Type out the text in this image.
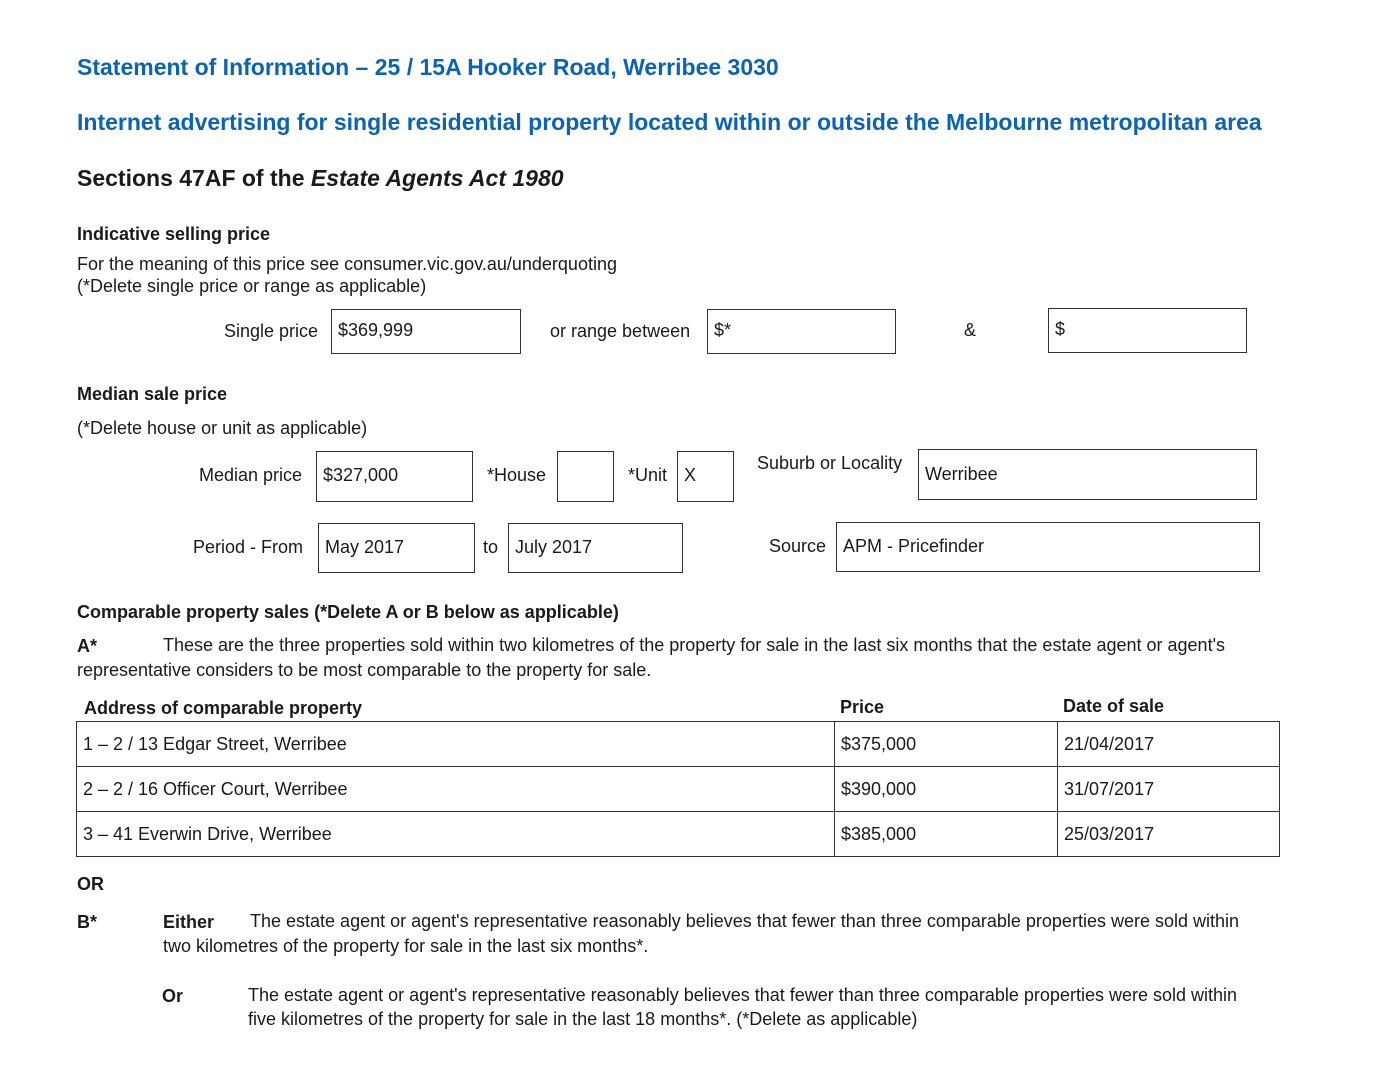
Statement of Information – 25 / 15A Hooker Road, Werribee 3030
Internet advertising for single residential property located within or outside the Melbourne metropolitan area
Sections 47AF of the Estate Agents Act 1980
Indicative selling price
For the meaning of this price see consumer.vic.gov.au/underquoting
(*Delete single price or range as applicable)
Single price	$369,999	or range between	$*	&	$
Median sale price
(*Delete house or unit as applicable)
Median price	$327,000	*House	*Unit X
Suburb or Locality
Werribee
Period - From	May 2017	to July 2017	Source APM - Pricefinder
Comparable property sales (*Delete A or B below as applicable)
A*	These are the three properties sold within two kilometres of the property for sale in the last six months that the estate agent or agent's
representative considers to be most comparable to the property for sale.
Address of comparable property	Price	Date of sale
1 – 2 / 13 Edgar Street, Werribee	$375,000	21/04/2017
2 – 2 / 16 Officer Court, Werribee	$390,000	31/07/2017
3 – 41 Everwin Drive, Werribee	$385,000	25/03/2017
OR
B*	Either The estate agent or agent's representative reasonably believes that fewer than three comparable properties were sold within
two kilometres of the property for sale in the last six months*.
Or	The estate agent or agent's representative reasonably believes that fewer than three comparable properties were sold within
five kilometres of the property for sale in the last 18 months*. (*Delete as applicable)
